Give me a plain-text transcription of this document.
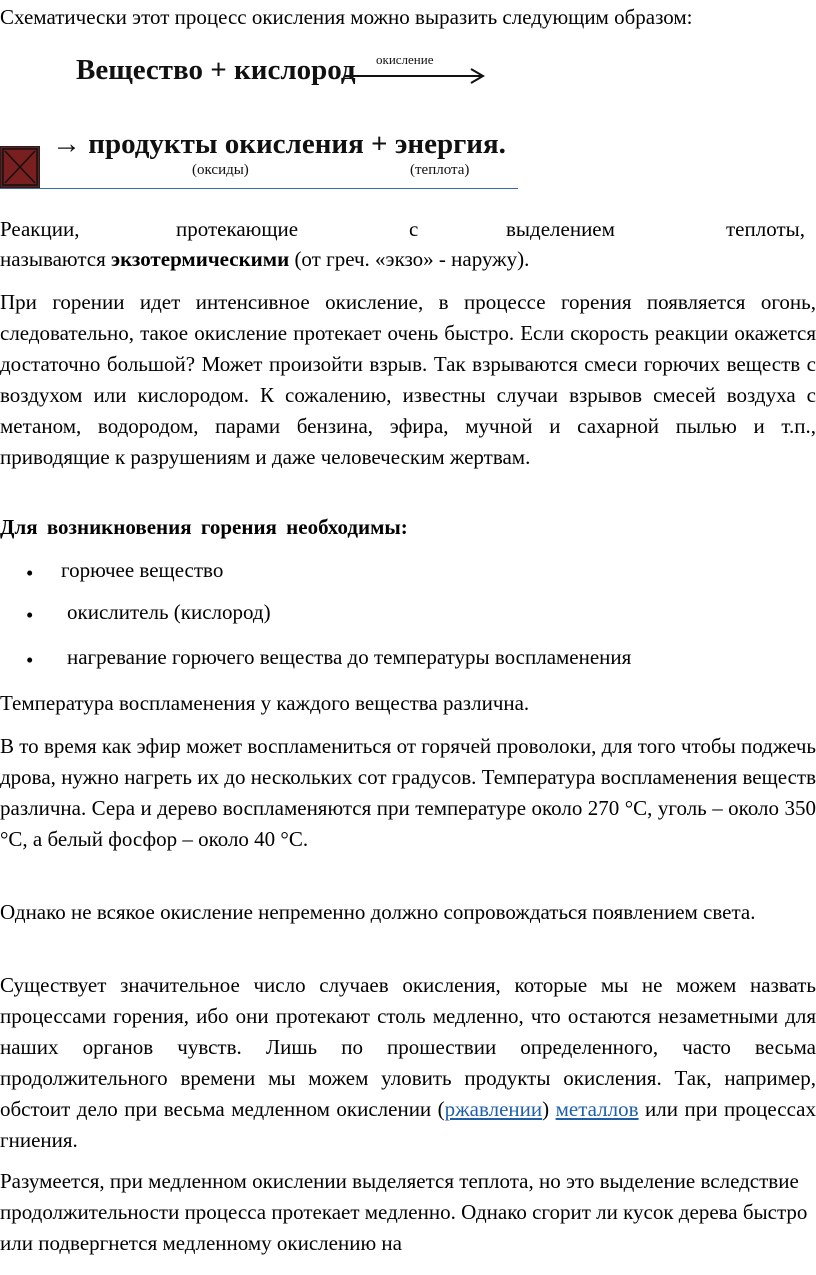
Схематически этот процесс окисления можно выразить следующим образом:

Вещество + кислород окисление
→ продукты окисления + энергия.
(оксиды)	(теплота)
Реакции,	протекающие	с	выделением	теплоты,

называются экзотермическими (от греч. «экзо» - наружу).

При горении идет интенсивное окисление, в процессе горения появляется огонь, следовательно, такое окисление протекает очень быстро. Если скорость реакции окажется достаточно большой? Может произойти взрыв. Так взрываются смеси горючих веществ с воздухом или кислородом. К сожалению, известны случаи взрывов смесей воздуха с метаном, водородом, парами бензина, эфира, мучной и сахарной пылью и т.п., приводящие к разрушениям и даже человеческим жертвам.

Для возникновения горения необходимы:

• горючее вещество
• окислитель (кислород)
• нагревание горючего вещества до температуры воспламенения

Температура воспламенения у каждого вещества различна.

В то время как эфир может воспламениться от горячей проволоки, для того чтобы поджечь дрова, нужно нагреть их до нескольких сот градусов. Температура воспламенения веществ различна. Сера и дерево воспламеняются при температуре около 270 °С, уголь – около 350 °С, а белый фосфор – около 40 °С.

Однако не всякое окисление непременно должно сопровождаться появлением света.

Существует значительное число случаев окисления, которые мы не можем назвать процессами горения, ибо они протекают столь медленно, что остаются незаметными для наших органов чувств. Лишь по прошествии определенного, часто весьма продолжительного времени мы можем уловить продукты окисления. Так, например, обстоит дело при весьма медленном окислении (ржавлении) металлов или при процессах гниения.

Разумеется, при медленном окислении выделяется теплота, но это выделение вследствие продолжительности процесса протекает медленно. Однако сгорит ли кусок дерева быстро или подвергнется медленному окислению на
